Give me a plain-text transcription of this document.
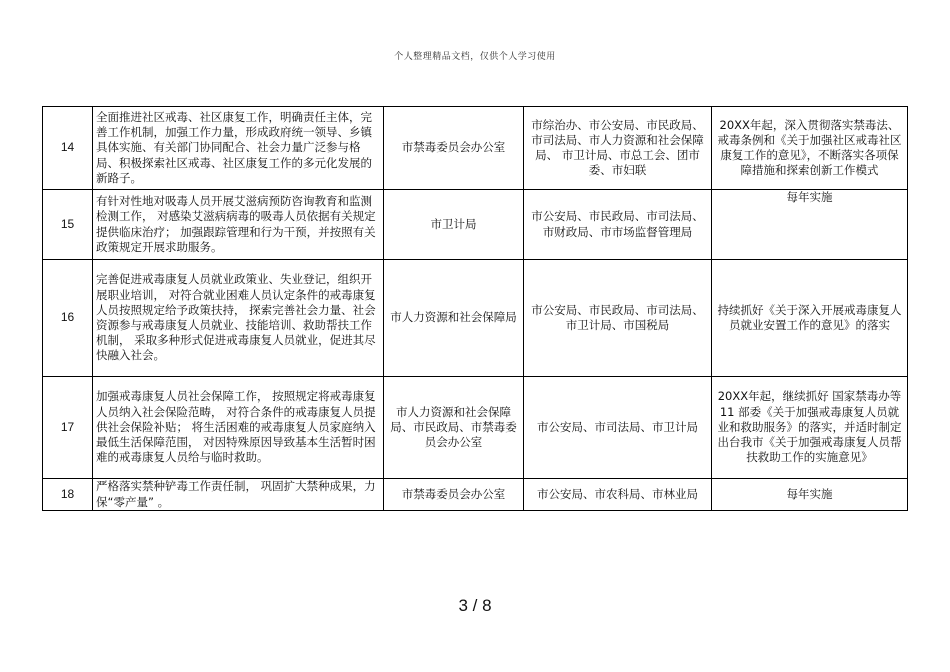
个人整理精品文档，仅供个人学习使用
14	全面推进社区戒毒、社区康复工作，明确责任主体，完善工作机制，加强工作力量，形成政府统一领导、乡镇具体实施、有关部门协同配合、社会力量广泛参与格局、积极探索社区戒毒、社区康复工作的多元化发展的新路子。	市禁毒委员会办公室	市综治办、市公安局、市民政局、市司法局、市人力资源和社会保障局、 市卫计局、市总工会、团市委、市妇联	20XX年起，深入贯彻落实禁毒法、戒毒条例和《关于加强社区戒毒社区康复工作的意见》，不断落实各项保障措施和探索创新工作模式
15	有针对性地对吸毒人员开展艾滋病预防咨询教育和监测检测工作， 对感染艾滋病病毒的吸毒人员依据有关规定提供临床治疗； 加强跟踪管理和行为干预，并按照有关政策规定开展求助服务。	市卫计局	市公安局、市民政局、市司法局、市财政局、市市场监督管理局	每年实施
16	完善促进戒毒康复人员就业政策业、失业登记，组织开展职业培训， 对符合就业困难人员认定条件的戒毒康复人员按照规定给予政策扶持， 探索完善社会力量、社会资源参与戒毒康复人员就业、技能培训、救助帮扶工作机制， 采取多种形式促进戒毒康复人员就业，促进其尽快融入社会。	市人力资源和社会保障局	市公安局、市民政局、市司法局、市卫计局、市国税局	持续抓好《关于深入开展戒毒康复人员就业安置工作的意见》的落实
17	加强戒毒康复人员社会保障工作， 按照规定将戒毒康复人员纳入社会保险范畴， 对符合条件的戒毒康复人员提供社会保险补贴； 将生活困难的戒毒康复人员家庭纳入最低生活保障范围， 对因特殊原因导致基本生活暂时困难的戒毒康复人员给与临时救助。	市人力资源和社会保障局、市民政局、市禁毒委员会办公室	市公安局、市司法局、市卫计局	20XX年起，继续抓好 国家禁毒办等 11 部委《关于加强戒毒康复人员就业和救助服务》的落实，并适时制定出台我市《关于加强戒毒康复人员帮扶救助工作的实施意见》
18	严格落实禁种铲毒工作责任制， 巩固扩大禁种成果，力保“零产量” 。	市禁毒委员会办公室	市公安局、市农科局、市林业局	每年实施
3 / 8
